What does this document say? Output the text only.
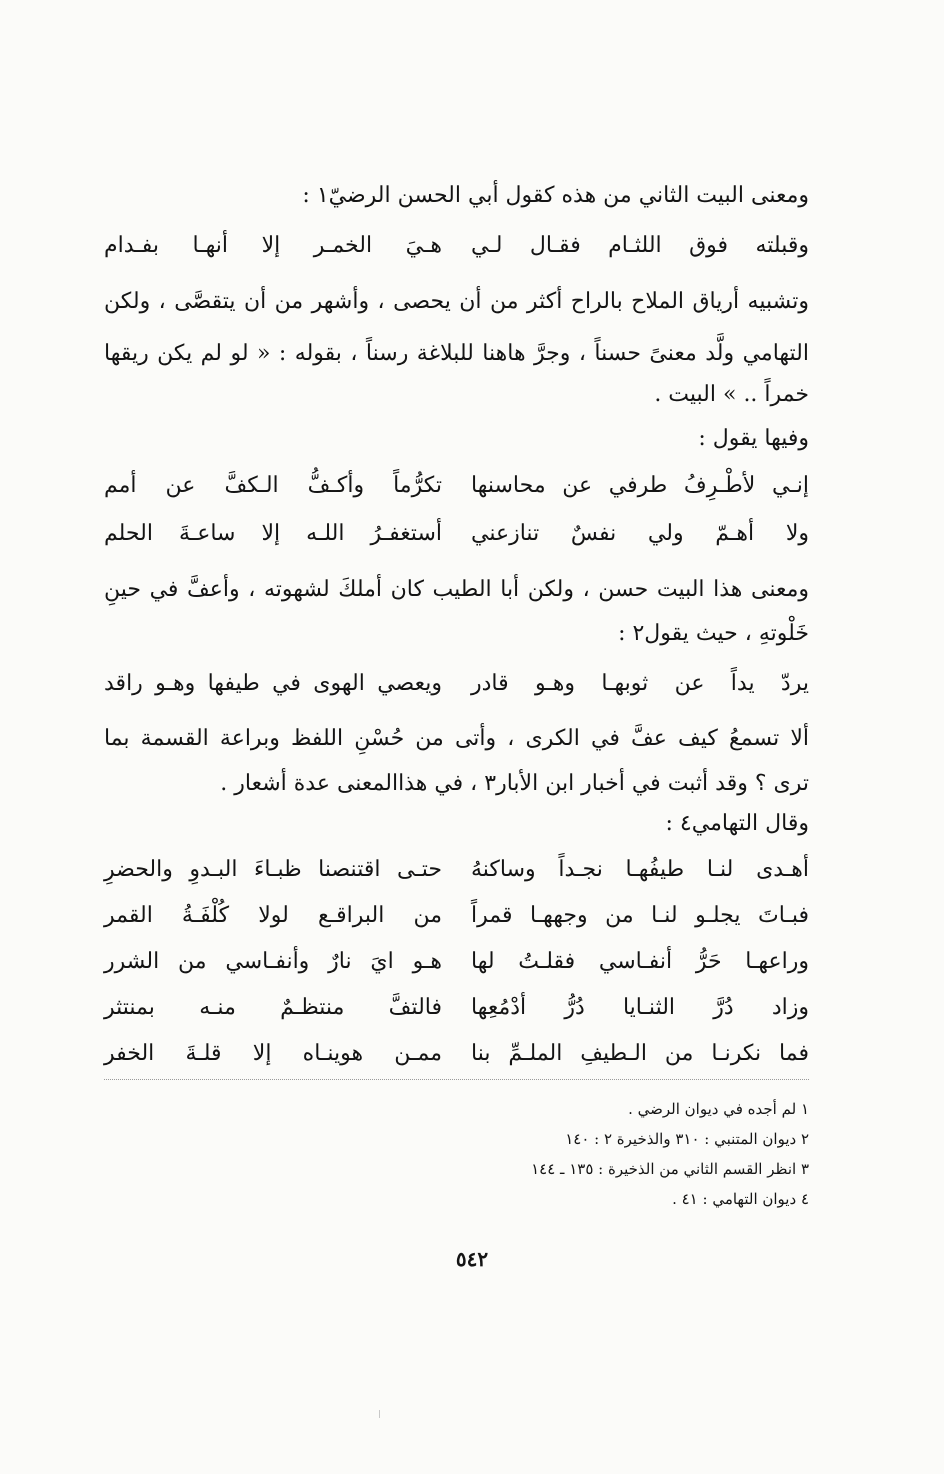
ومعنى البيت الثاني من هذه كقول أبي الحسن الرضيّ١ :
وقبلته فوق اللثـام فقـال لـي
هـيَ الخمـر إلا أنهـا بفـدام
وتشبيه أرياق الملاح بالراح أكثر من أن يحصى ، وأشهر من أن يتقصَّى ، ولكن
التهامي ولَّد معنىً حسناً ، وجرَّ هاهنا للبلاغة رسناً ، بقوله : « لو لم يكن ريقها
خمراً .. » البيت .
وفيها يقول :
إنـي لأطْـرِفُ طرفي عن محاسنها
تكرُّماً وأكـفُّ الـكفَّ عن أمم
ولا أهـمّ ولي نفسٌ تنازعني
أستغفـرُ اللـه إلا ساعـةَ الحلم
ومعنى هذا البيت حسن ، ولكن أبا الطيب كان أملكَ لشهوته ، وأعفَّ في حينِ
خَلْوتهِ ، حيث يقول٢ :
يردّ يداً عن ثوبهـا وهـو قادر
ويعصي الهوى في طيفها وهـو راقد
ألا تسمعُ كيف عفَّ في الكرى ، وأتى من حُسْنِ اللفظ وبراعة القسمة بما
ترى ؟ وقد أثبت في أخبار ابن الأبار٣ ، في هذاالمعنى عدة أشعار .
وقال التهامي٤ :
أهـدى لنـا طيفُهـا نجـداً وساكنهُ
حتـى اقتنصنا ظبـاءَ البـدوِ والحضرِ
فبـاتَ يجلـو لنـا من وجههـا قمراً
من البراقـع لولا كُلْفَـةُ القمر
وراعهـا حَرُّ أنفـاسي فقلـتُ لها
هـو ايَ نارٌ وأنفـاسي من الشرر
وزاد دُرَّ الثنـايا دُرُّ أدْمُعِها
فالتفَّ منتظـمٌ منـه بمنتثر
فما نكرنـا من الـطيفِ الملـمِّ بنا
ممـن هوينـاه إلا قلـةَ الخفر
١ لم أجده في ديوان الرضي .
٢ ديوان المتنبي : ٣١٠ والذخيرة ٢ : ١٤٠
٣ انظر القسم الثاني من الذخيرة : ١٣٥ ـ ١٤٤
٤ ديوان التهامي : ٤١ .
٥٤٢
